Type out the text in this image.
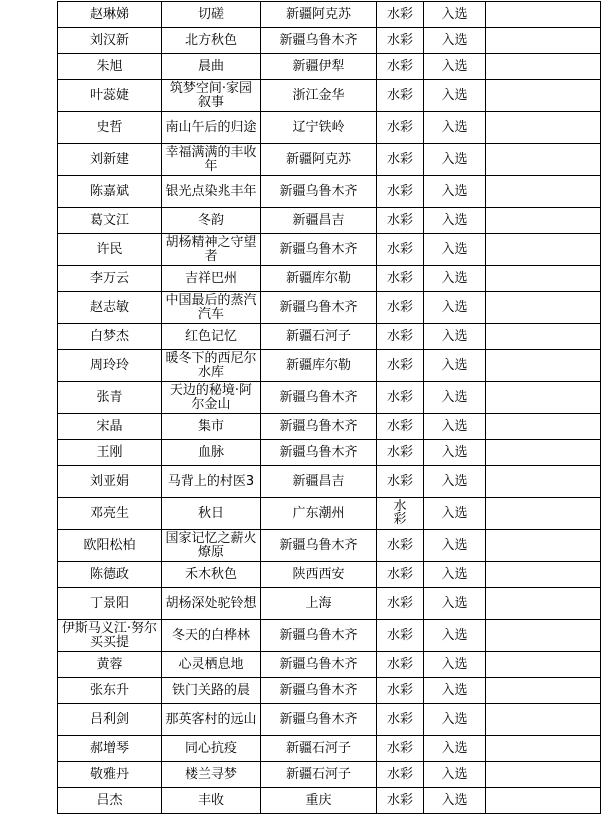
赵琳娣	切磋	新疆阿克苏	水彩	入选	
刘汉新	北方秋色	新疆乌鲁木齐	水彩	入选	
朱旭	晨曲	新疆伊犁	水彩	入选	
叶蕊婕	筑梦空间·家园叙事	浙江金华	水彩	入选	
史哲	南山午后的归途	辽宁铁岭	水彩	入选	
刘新建	幸福满满的丰收年	新疆阿克苏	水彩	入选	
陈嘉斌	银光点染兆丰年	新疆乌鲁木齐	水彩	入选	
葛文江	冬韵	新疆昌吉	水彩	入选	
许民	胡杨精神之守望者	新疆乌鲁木齐	水彩	入选	
李万云	吉祥巴州	新疆库尔勒	水彩	入选	
赵志敏	中国最后的蒸汽汽车	新疆乌鲁木齐	水彩	入选	
白梦杰	红色记忆	新疆石河子	水彩	入选	
周玲玲	暖冬下的西尼尔水库	新疆库尔勒	水彩	入选	
张青	天边的秘境·阿尔金山	新疆乌鲁木齐	水彩	入选	
宋晶	集市	新疆乌鲁木齐	水彩	入选	
王刚	血脉	新疆乌鲁木齐	水彩	入选	
刘亚娟	马背上的村医3	新疆昌吉	水彩	入选	
邓亮生	秋日	广东潮州	水彩	入选	
欧阳松柏	国家记忆之薪火燎原	新疆乌鲁木齐	水彩	入选	
陈德政	禾木秋色	陕西西安	水彩	入选	
丁景阳	胡杨深处驼铃想	上海	水彩	入选	
伊斯马义江·努尔买买提	冬天的白桦林	新疆乌鲁木齐	水彩	入选	
黄蓉	心灵栖息地	新疆乌鲁木齐	水彩	入选	
张东升	铁门关路的晨	新疆乌鲁木齐	水彩	入选	
吕利剑	那英客村的远山	新疆乌鲁木齐	水彩	入选	
郝增琴	同心抗疫	新疆石河子	水彩	入选	
敬雅丹	楼兰寻梦	新疆石河子	水彩	入选	
吕杰	丰收	重庆	水彩	入选	
